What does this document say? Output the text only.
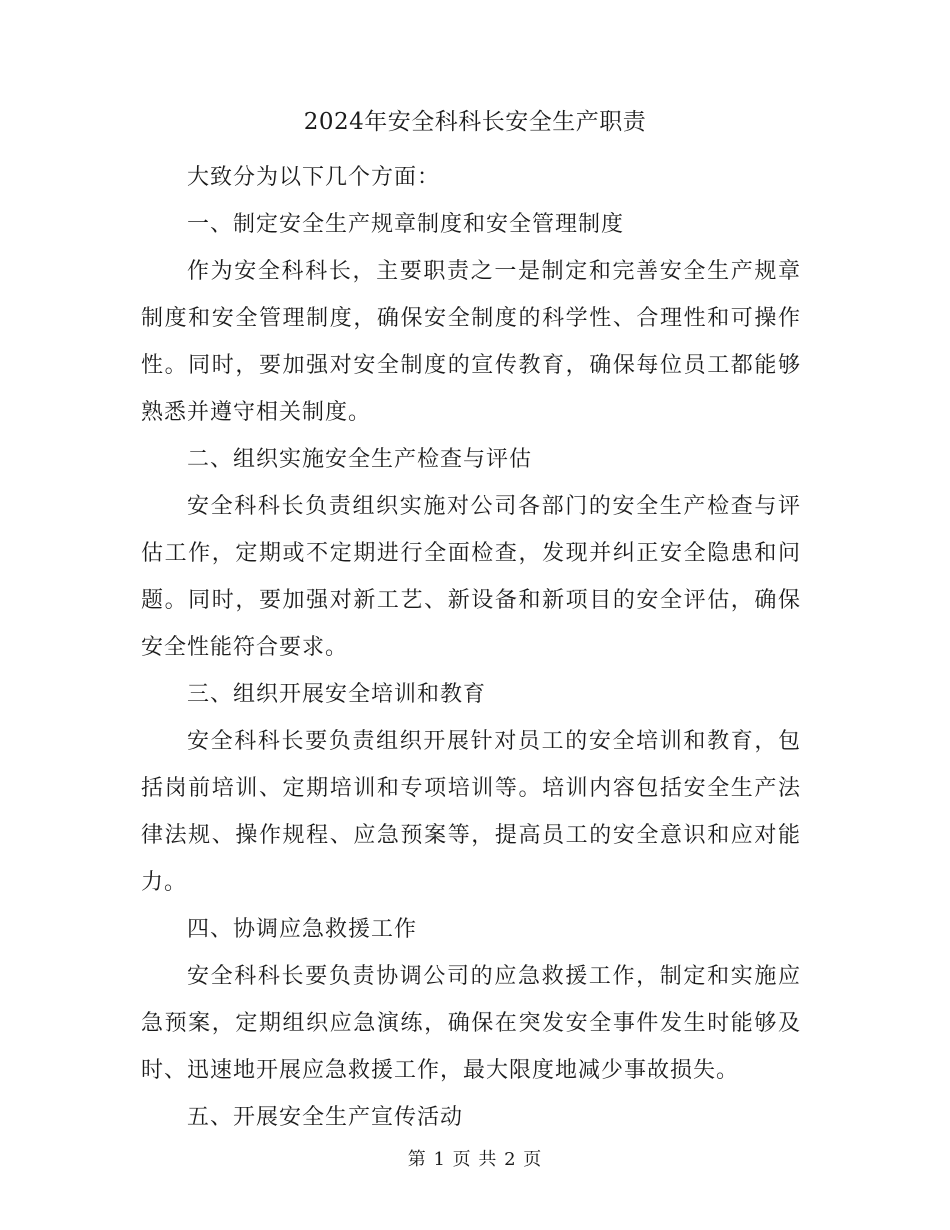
2024年安全科科长安全生产职责

大致分为以下几个方面：

一、制定安全生产规章制度和安全管理制度

作为安全科科长，主要职责之一是制定和完善安全生产规章制度和安全管理制度，确保安全制度的科学性、合理性和可操作性。同时，要加强对安全制度的宣传教育，确保每位员工都能够熟悉并遵守相关制度。

二、组织实施安全生产检查与评估

安全科科长负责组织实施对公司各部门的安全生产检查与评估工作，定期或不定期进行全面检查，发现并纠正安全隐患和问题。同时，要加强对新工艺、新设备和新项目的安全评估，确保安全性能符合要求。

三、组织开展安全培训和教育

安全科科长要负责组织开展针对员工的安全培训和教育，包括岗前培训、定期培训和专项培训等。培训内容包括安全生产法律法规、操作规程、应急预案等，提高员工的安全意识和应对能力。

四、协调应急救援工作

安全科科长要负责协调公司的应急救援工作，制定和实施应急预案，定期组织应急演练，确保在突发安全事件发生时能够及时、迅速地开展应急救援工作，最大限度地减少事故损失。

五、开展安全生产宣传活动

第 1 页 共 2 页
